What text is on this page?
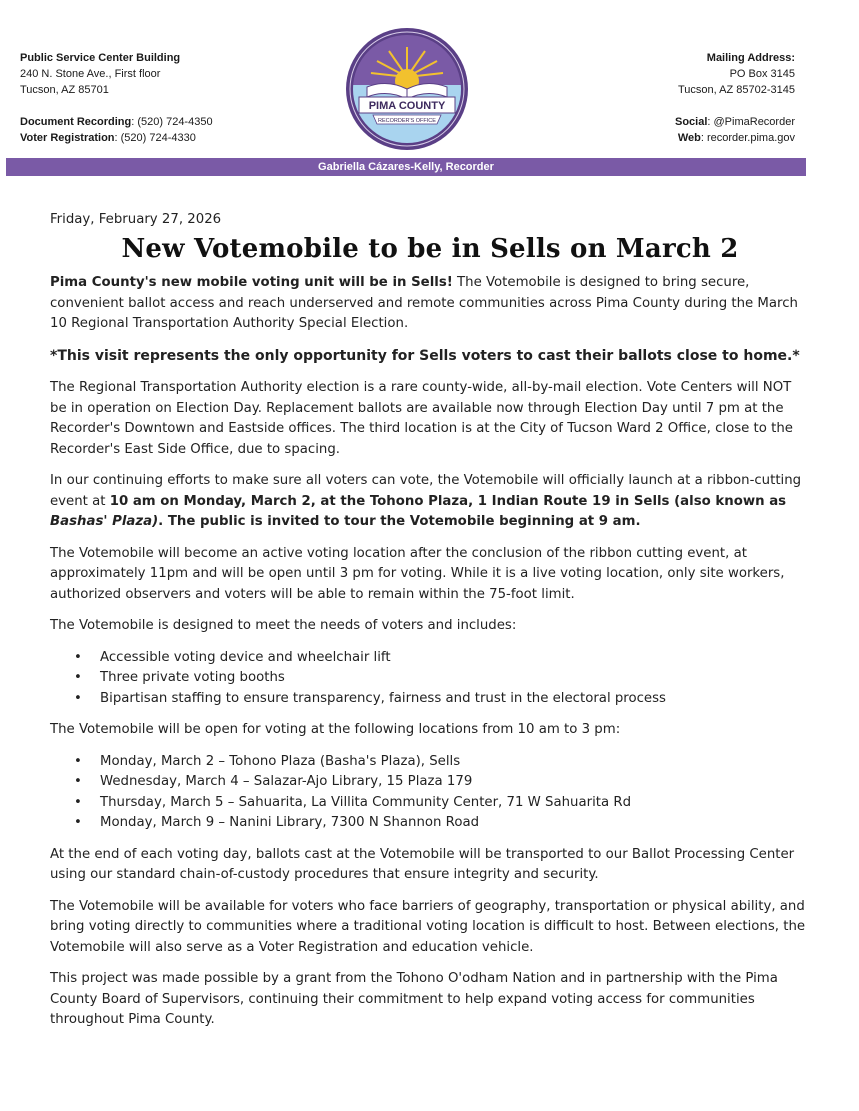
Public Service Center Building
240 N. Stone Ave., First floor
Tucson, AZ 85701
Document Recording: (520) 724-4350
Voter Registration: (520) 724-4330
PIMA COUNTY
RECORDER'S OFFICE
Mailing Address:
PO Box 3145
Tucson, AZ 85702-3145
Social: @PimaRecorder
Web: recorder.pima.gov
Gabriella Cázares-Kelly, Recorder

Friday, February 27, 2026

New Votemobile to be in Sells on March 2

Pima County's new mobile voting unit will be in Sells! The Votemobile is designed to bring secure, convenient ballot access and reach underserved and remote communities across Pima County during the March 10 Regional Transportation Authority Special Election.

*This visit represents the only opportunity for Sells voters to cast their ballots close to home.*

The Regional Transportation Authority election is a rare county-wide, all-by-mail election. Vote Centers will NOT be in operation on Election Day. Replacement ballots are available now through Election Day until 7 pm at the Recorder's Downtown and Eastside offices. The third location is at the City of Tucson Ward 2 Office, close to the Recorder's East Side Office, due to spacing.

In our continuing efforts to make sure all voters can vote, the Votemobile will officially launch at a ribbon-cutting event at 10 am on Monday, March 2, at the Tohono Plaza, 1 Indian Route 19 in Sells (also known as Bashas' Plaza). The public is invited to tour the Votemobile beginning at 9 am.

The Votemobile will become an active voting location after the conclusion of the ribbon cutting event, at approximately 11pm and will be open until 3 pm for voting. While it is a live voting location, only site workers, authorized observers and voters will be able to remain within the 75-foot limit.

The Votemobile is designed to meet the needs of voters and includes:

• Accessible voting device and wheelchair lift
• Three private voting booths
• Bipartisan staffing to ensure transparency, fairness and trust in the electoral process

The Votemobile will be open for voting at the following locations from 10 am to 3 pm:

• Monday, March 2 – Tohono Plaza (Basha's Plaza), Sells
• Wednesday, March 4 – Salazar-Ajo Library, 15 Plaza 179
• Thursday, March 5 – Sahuarita, La Villita Community Center, 71 W Sahuarita Rd
• Monday, March 9 – Nanini Library, 7300 N Shannon Road

At the end of each voting day, ballots cast at the Votemobile will be transported to our Ballot Processing Center using our standard chain-of-custody procedures that ensure integrity and security.

The Votemobile will be available for voters who face barriers of geography, transportation or physical ability, and bring voting directly to communities where a traditional voting location is difficult to host. Between elections, the Votemobile will also serve as a Voter Registration and education vehicle.

This project was made possible by a grant from the Tohono O'odham Nation and in partnership with the Pima County Board of Supervisors, continuing their commitment to help expand voting access for communities throughout Pima County.
